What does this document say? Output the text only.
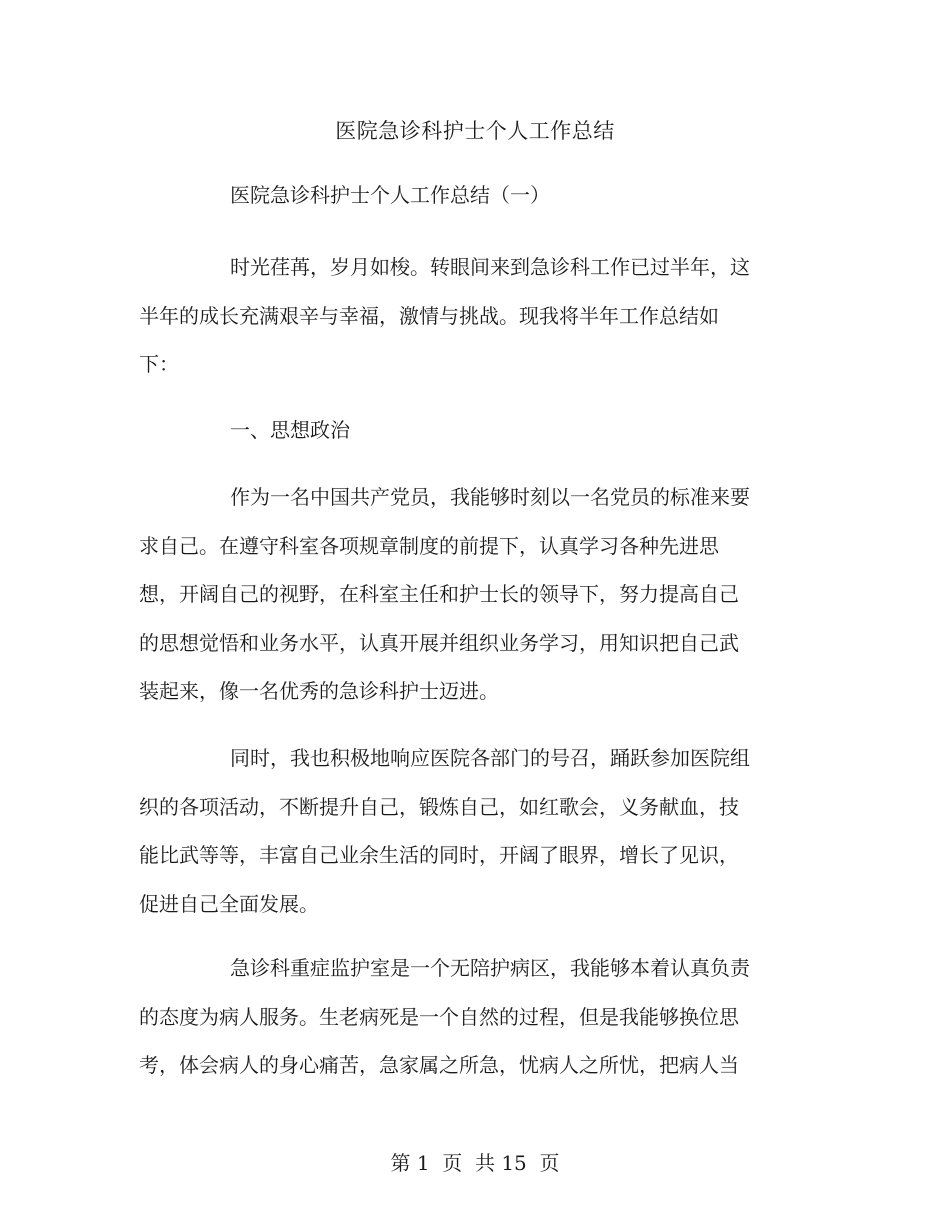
医院急诊科护士个人工作总结
医院急诊科护士个人工作总结（一）
时光荏苒，岁月如梭。转眼间来到急诊科工作已过半年，这
半年的成长充满艰辛与幸福，激情与挑战。现我将半年工作总结如
下：
一、思想政治
作为一名中国共产党员，我能够时刻以一名党员的标准来要
求自己。在遵守科室各项规章制度的前提下，认真学习各种先进思
想，开阔自己的视野，在科室主任和护士长的领导下，努力提高自己
的思想觉悟和业务水平，认真开展并组织业务学习，用知识把自己武
装起来，像一名优秀的急诊科护士迈进。
同时，我也积极地响应医院各部门的号召，踊跃参加医院组
织的各项活动，不断提升自己，锻炼自己，如红歌会，义务献血，技
能比武等等，丰富自己业余生活的同时，开阔了眼界，增长了见识，
促进自己全面发展。
急诊科重症监护室是一个无陪护病区，我能够本着认真负责
的态度为病人服务。生老病死是一个自然的过程，但是我能够换位思
考，体会病人的身心痛苦，急家属之所急，忧病人之所忧，把病人当
第 1  页  共 15  页
